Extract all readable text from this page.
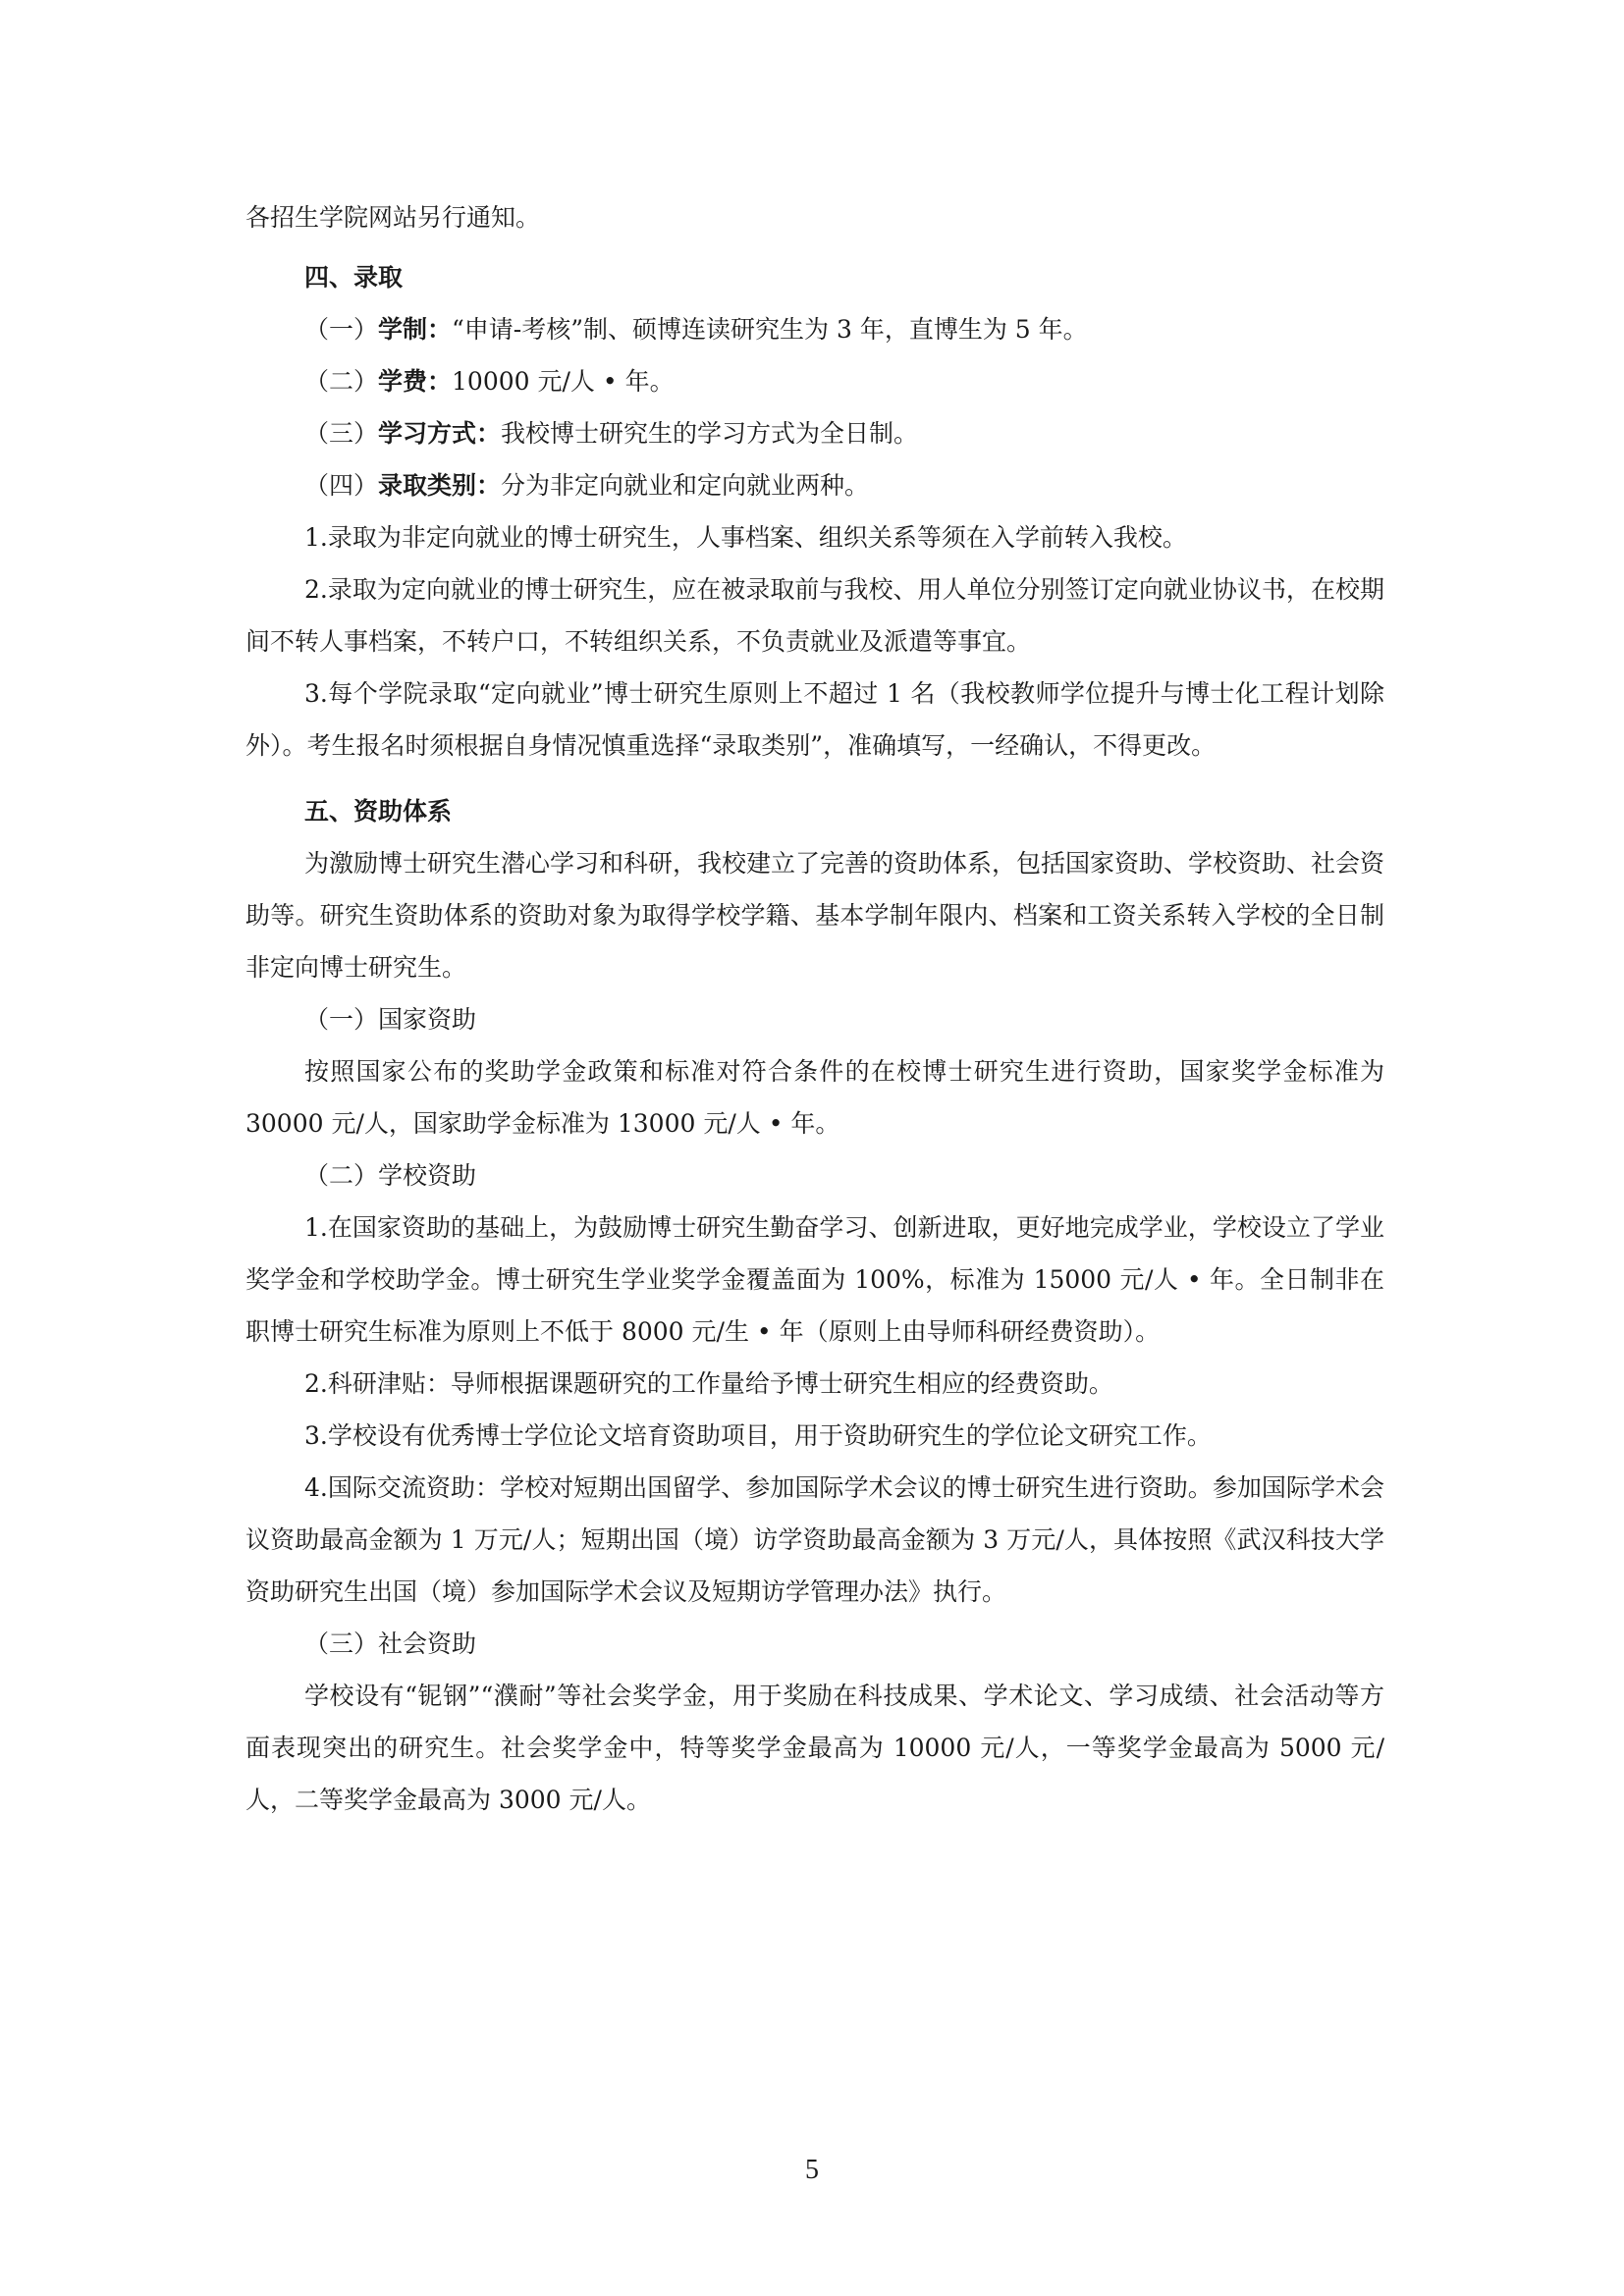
各招生学院网站另行通知。

四、录取

（一）学制：“申请-考核”制、硕博连读研究生为 3 年，直博生为 5 年。

（二）学费：10000 元/人 • 年。

（三）学习方式：我校博士研究生的学习方式为全日制。

（四）录取类别：分为非定向就业和定向就业两种。

1.录取为非定向就业的博士研究生，人事档案、组织关系等须在入学前转入我校。

2.录取为定向就业的博士研究生，应在被录取前与我校、用人单位分别签订定向就业协议书，在校期间不转人事档案，不转户口，不转组织关系，不负责就业及派遣等事宜。

3.每个学院录取“定向就业”博士研究生原则上不超过 1 名（我校教师学位提升与博士化工程计划除外）。考生报名时须根据自身情况慎重选择“录取类别”，准确填写，一经确认，不得更改。

五、资助体系

为激励博士研究生潜心学习和科研，我校建立了完善的资助体系，包括国家资助、学校资助、社会资助等。研究生资助体系的资助对象为取得学校学籍、基本学制年限内、档案和工资关系转入学校的全日制非定向博士研究生。

（一）国家资助

按照国家公布的奖助学金政策和标准对符合条件的在校博士研究生进行资助，国家奖学金标准为 30000 元/人，国家助学金标准为 13000 元/人 • 年。

（二）学校资助

1.在国家资助的基础上，为鼓励博士研究生勤奋学习、创新进取，更好地完成学业，学校设立了学业奖学金和学校助学金。博士研究生学业奖学金覆盖面为 100%，标准为 15000 元/人 • 年。全日制非在职博士研究生标准为原则上不低于 8000 元/生 • 年（原则上由导师科研经费资助）。

2.科研津贴：导师根据课题研究的工作量给予博士研究生相应的经费资助。

3.学校设有优秀博士学位论文培育资助项目，用于资助研究生的学位论文研究工作。

4.国际交流资助：学校对短期出国留学、参加国际学术会议的博士研究生进行资助。参加国际学术会议资助最高金额为 1 万元/人；短期出国（境）访学资助最高金额为 3 万元/人，具体按照《武汉科技大学资助研究生出国（境）参加国际学术会议及短期访学管理办法》执行。

（三）社会资助

学校设有“铌钢”“濮耐”等社会奖学金，用于奖励在科技成果、学术论文、学习成绩、社会活动等方面表现突出的研究生。社会奖学金中，特等奖学金最高为 10000 元/人，一等奖学金最高为 5000 元/人，二等奖学金最高为 3000 元/人。

5
